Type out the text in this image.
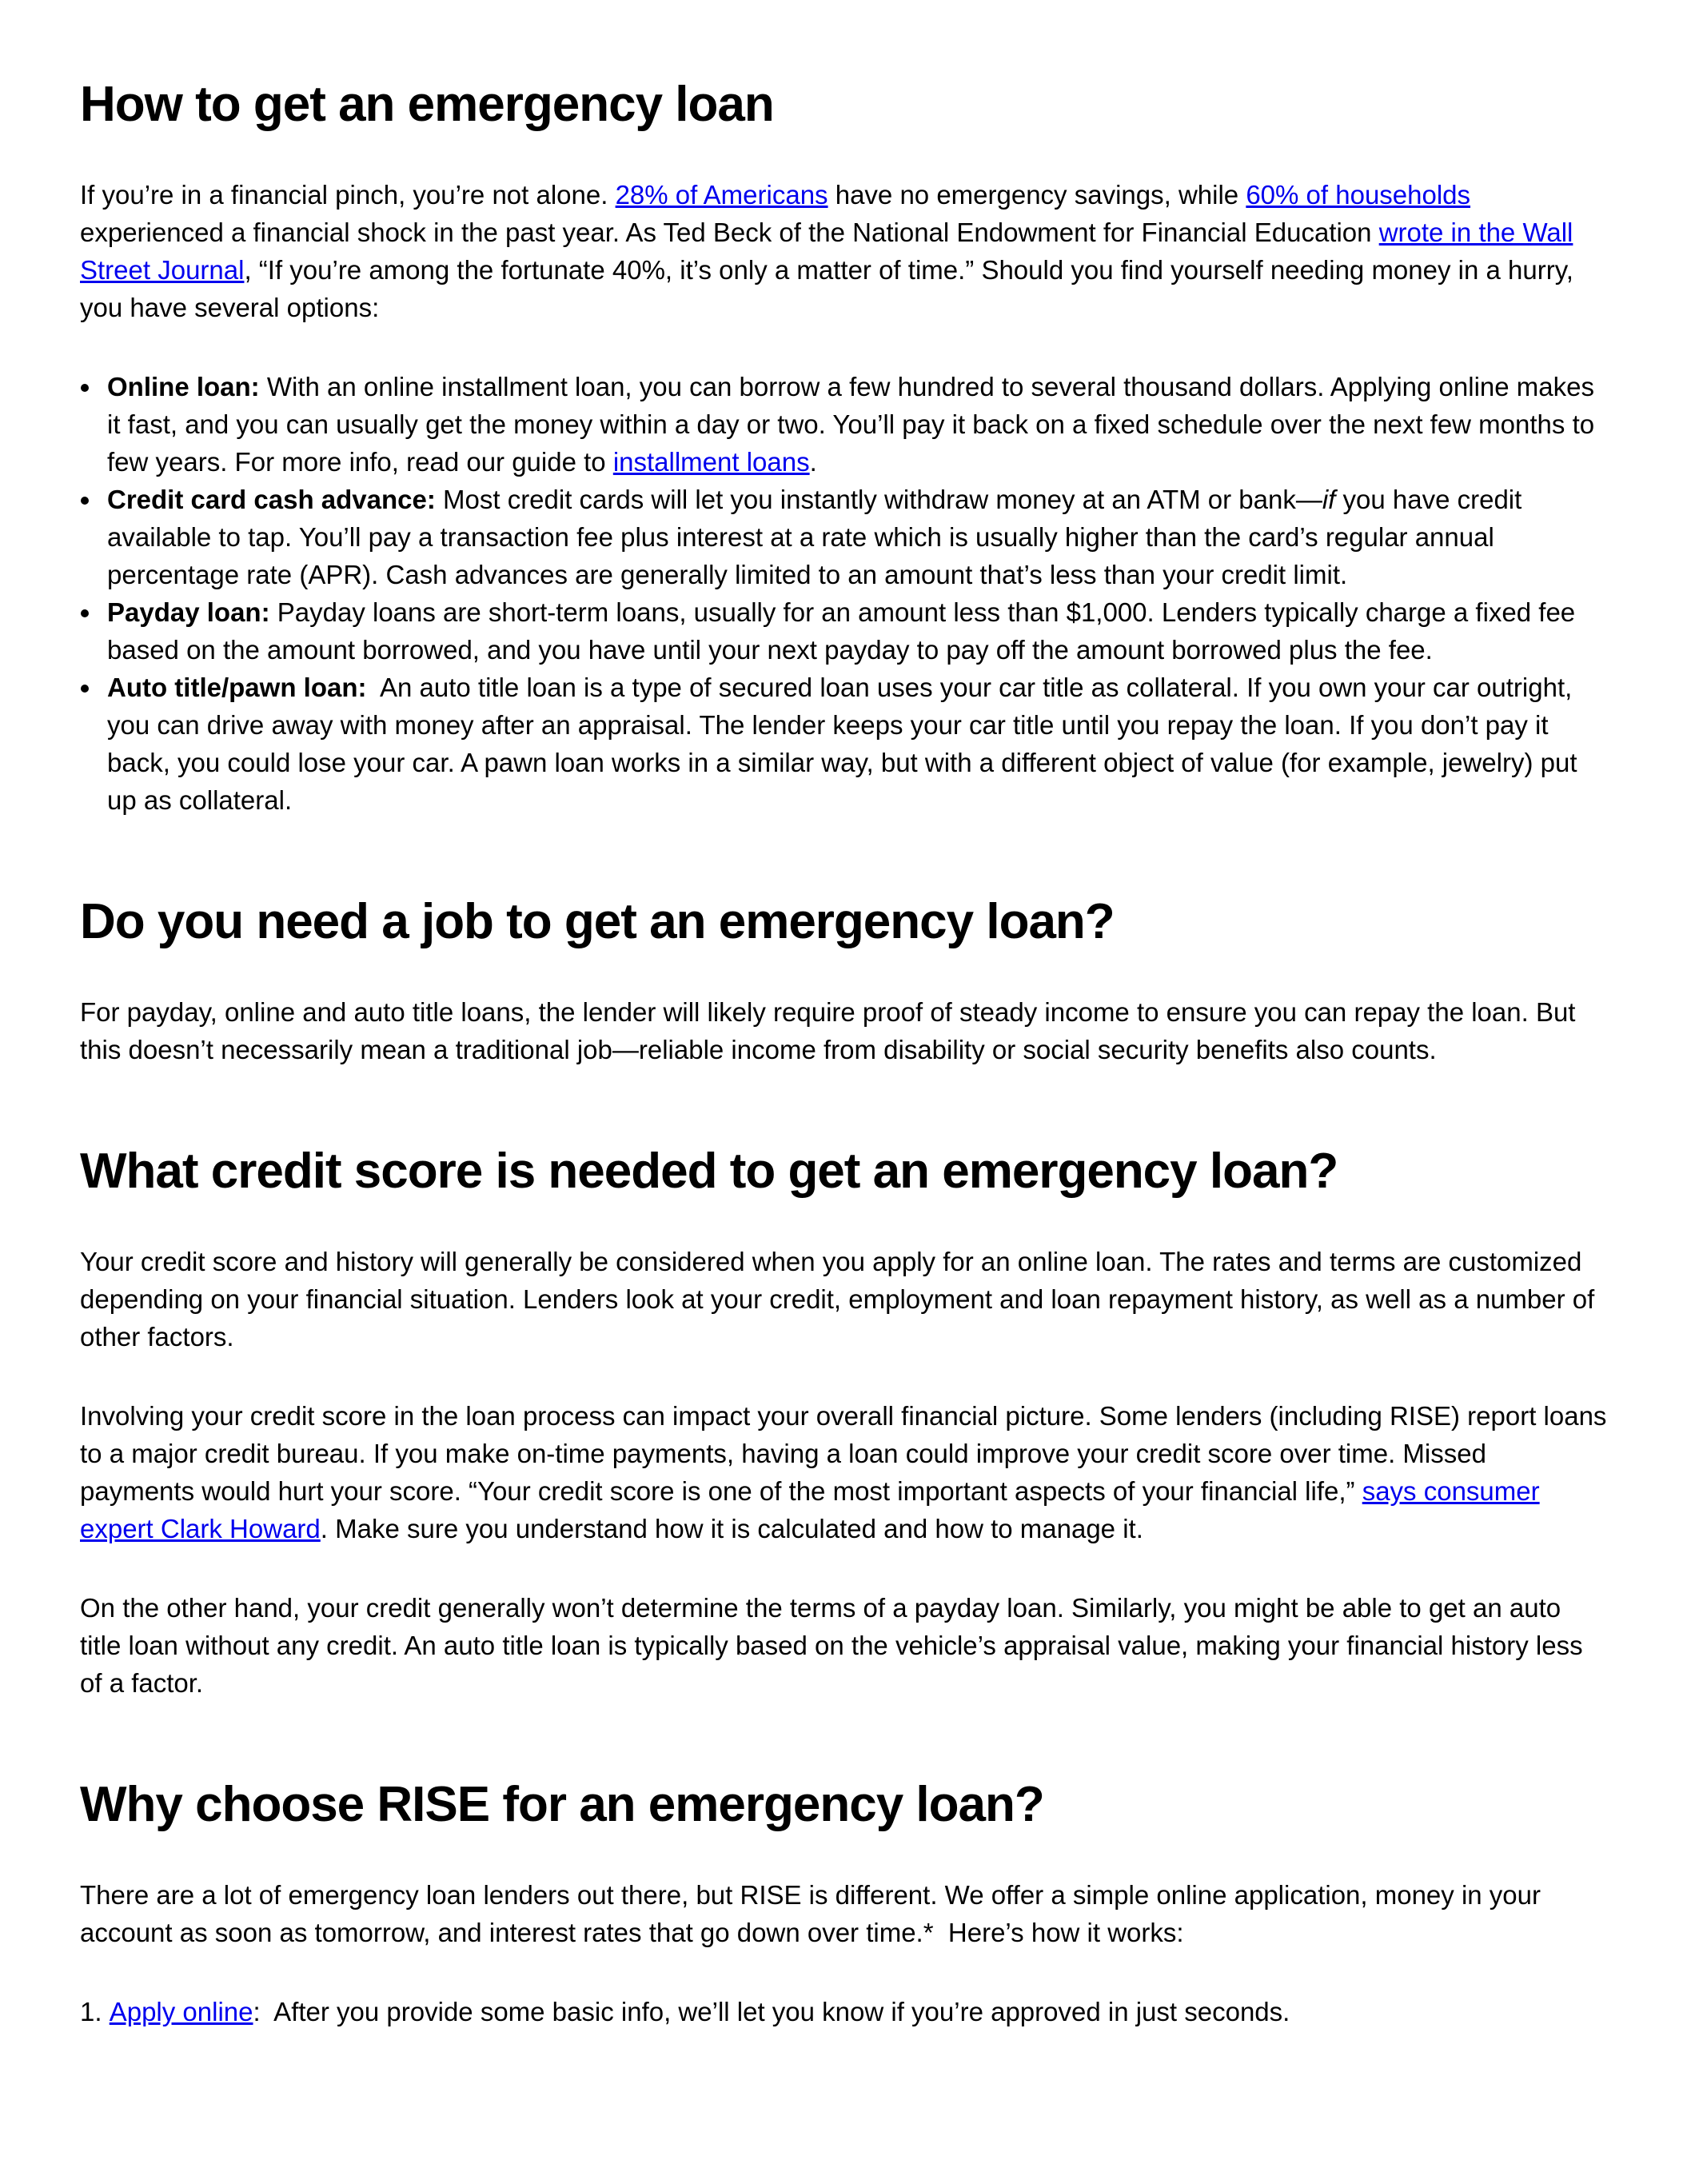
How to get an emergency loan

If you’re in a financial pinch, you’re not alone. 28% of Americans have no emergency savings, while 60% of households experienced a financial shock in the past year. As Ted Beck of the National Endowment for Financial Education wrote in the Wall Street Journal, “If you’re among the fortunate 40%, it’s only a matter of time.” Should you find yourself needing money in a hurry, you have several options:

• Online loan: With an online installment loan, you can borrow a few hundred to several thousand dollars. Applying online makes it fast, and you can usually get the money within a day or two. You’ll pay it back on a fixed schedule over the next few months to few years. For more info, read our guide to installment loans.
• Credit card cash advance: Most credit cards will let you instantly withdraw money at an ATM or bank—if you have credit available to tap. You’ll pay a transaction fee plus interest at a rate which is usually higher than the card’s regular annual percentage rate (APR). Cash advances are generally limited to an amount that’s less than your credit limit.
• Payday loan: Payday loans are short-term loans, usually for an amount less than $1,000. Lenders typically charge a fixed fee based on the amount borrowed, and you have until your next payday to pay off the amount borrowed plus the fee.
• Auto title/pawn loan:  An auto title loan is a type of secured loan uses your car title as collateral. If you own your car outright, you can drive away with money after an appraisal. The lender keeps your car title until you repay the loan. If you don’t pay it back, you could lose your car. A pawn loan works in a similar way, but with a different object of value (for example, jewelry) put up as collateral.
Do you need a job to get an emergency loan?

For payday, online and auto title loans, the lender will likely require proof of steady income to ensure you can repay the loan. But this doesn’t necessarily mean a traditional job—reliable income from disability or social security benefits also counts.

What credit score is needed to get an emergency loan?

Your credit score and history will generally be considered when you apply for an online loan. The rates and terms are customized depending on your financial situation. Lenders look at your credit, employment and loan repayment history, as well as a number of other factors.

Involving your credit score in the loan process can impact your overall financial picture. Some lenders (including RISE) report loans to a major credit bureau. If you make on-time payments, having a loan could improve your credit score over time. Missed payments would hurt your score. “Your credit score is one of the most important aspects of your financial life,” says consumer expert Clark Howard. Make sure you understand how it is calculated and how to manage it.

On the other hand, your credit generally won’t determine the terms of a payday loan. Similarly, you might be able to get an auto title loan without any credit. An auto title loan is typically based on the vehicle’s appraisal value, making your financial history less of a factor.

Why choose RISE for an emergency loan?

There are a lot of emergency loan lenders out there, but RISE is different. We offer a simple online application, money in your account as soon as tomorrow, and interest rates that go down over time.*  Here’s how it works:

1. Apply online:  After you provide some basic info, we’ll let you know if you’re approved in just seconds.
